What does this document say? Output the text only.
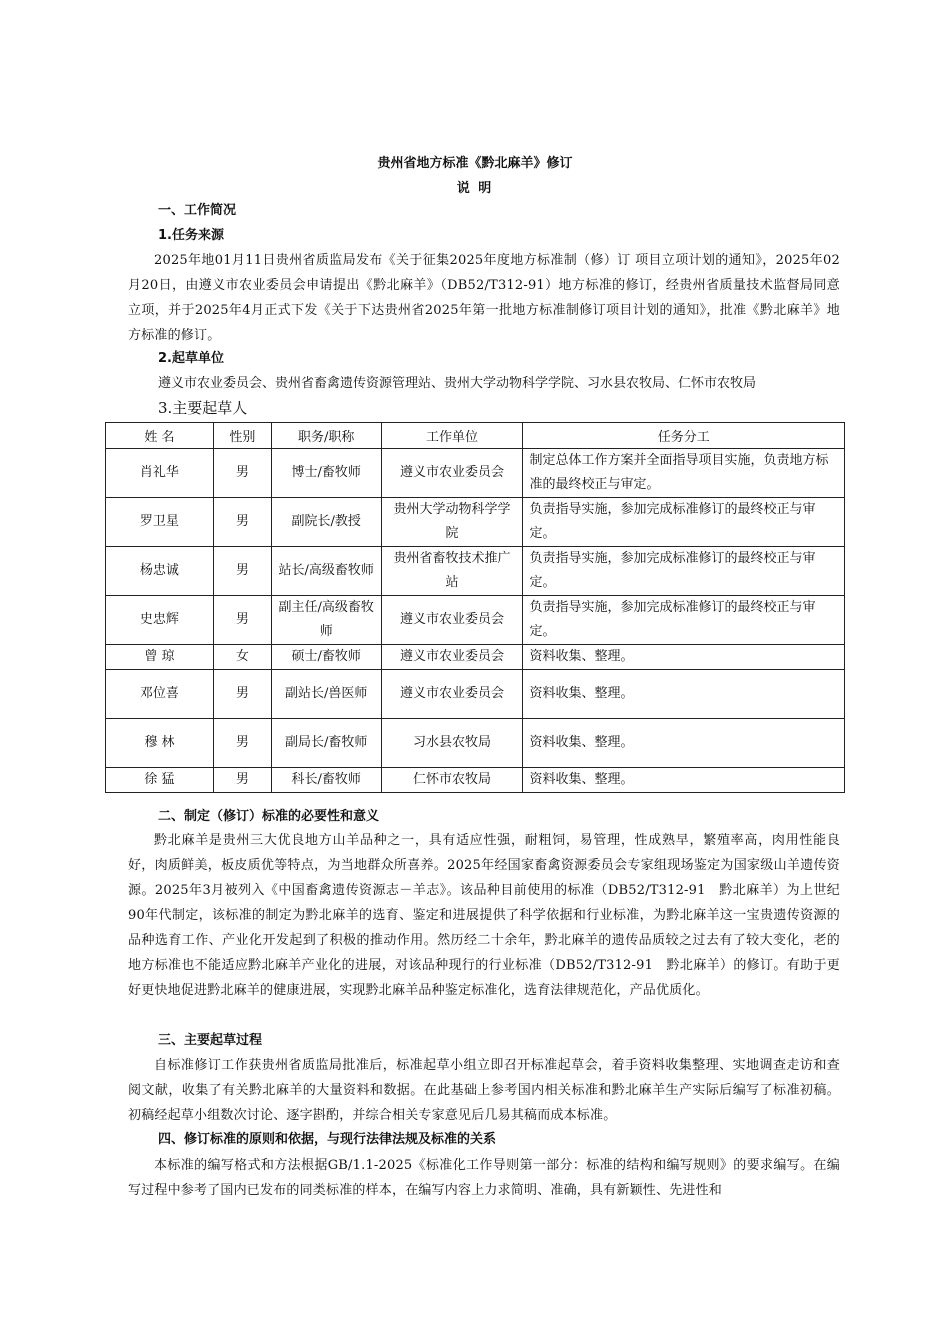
贵州省地方标准《黔北麻羊》修订
说 明
一、工作简况
1.任务来源
2025年地01月11日贵州省质监局发布《关于征集2025年度地方标准制（修）订 项目立项计划的通知》，2025年02月20日，由遵义市农业委员会申请提出《黔北麻羊》（DB52/T312-91）地方标准的修订，经贵州省质量技术监督局同意立项，并于2025年4月正式下发《关于下达贵州省2025年第一批地方标准制修订项目计划的通知》，批准《黔北麻羊》地方标准的修订。
2.起草单位
遵义市农业委员会、贵州省畜禽遗传资源管理站、贵州大学动物科学学院、习水县农牧局、仁怀市农牧局
3.主要起草人
姓 名	性别	职务/职称	工作单位	任务分工
肖礼华	男	博士/畜牧师	遵义市农业委员会	制定总体工作方案并全面指导项目实施，负责地方标准的最终校正与审定。
罗卫星	男	副院长/教授	贵州大学动物科学学院	负责指导实施，参加完成标准修订的最终校正与审定。
杨忠诚	男	站长/高级畜牧师	贵州省畜牧技术推广站	负责指导实施，参加完成标准修订的最终校正与审定。
史忠辉	男	副主任/高级畜牧师	遵义市农业委员会	负责指导实施，参加完成标准修订的最终校正与审定。
曾 琼	女	硕士/畜牧师	遵义市农业委员会	资料收集、整理。
邓位喜	男	副站长/兽医师	遵义市农业委员会	资料收集、整理。
穆 林	男	副局长/畜牧师	习水县农牧局	资料收集、整理。
徐 猛	男	科长/畜牧师	仁怀市农牧局	资料收集、整理。
二、制定（修订）标准的必要性和意义
黔北麻羊是贵州三大优良地方山羊品种之一，具有适应性强，耐粗饲，易管理，性成熟早，繁殖率高，肉用性能良好，肉质鲜美，板皮质优等特点，为当地群众所喜养。2025年经国家畜禽资源委员会专家组现场鉴定为国家级山羊遗传资源。2025年3月被列入《中国畜禽遗传资源志－羊志》。该品种目前使用的标准（DB52/T312-91　黔北麻羊）为上世纪90年代制定，该标准的制定为黔北麻羊的选育、鉴定和进展提供了科学依据和行业标准，为黔北麻羊这一宝贵遗传资源的品种选育工作、产业化开发起到了积极的推动作用。然历经二十余年，黔北麻羊的遗传品质较之过去有了较大变化，老的地方标准也不能适应黔北麻羊产业化的进展，对该品种现行的行业标准（DB52/T312-91　黔北麻羊）的修订。有助于更好更快地促进黔北麻羊的健康进展，实现黔北麻羊品种鉴定标准化，选育法律规范化，产品优质化。
三、主要起草过程
自标准修订工作获贵州省质监局批准后，标准起草小组立即召开标准起草会，着手资料收集整理、实地调查走访和查阅文献，收集了有关黔北麻羊的大量资料和数据。在此基础上参考国内相关标准和黔北麻羊生产实际后编写了标准初稿。初稿经起草小组数次讨论、逐字斟酌，并综合相关专家意见后几易其稿而成本标准。
四、修订标准的原则和依据，与现行法律法规及标准的关系
本标准的编写格式和方法根据GB/1.1-2025《标准化工作导则第一部分：标准的结构和编写规则》的要求编写。在编写过程中参考了国内已发布的同类标准的样本，在编写内容上力求简明、准确，具有新颖性、先进性和
